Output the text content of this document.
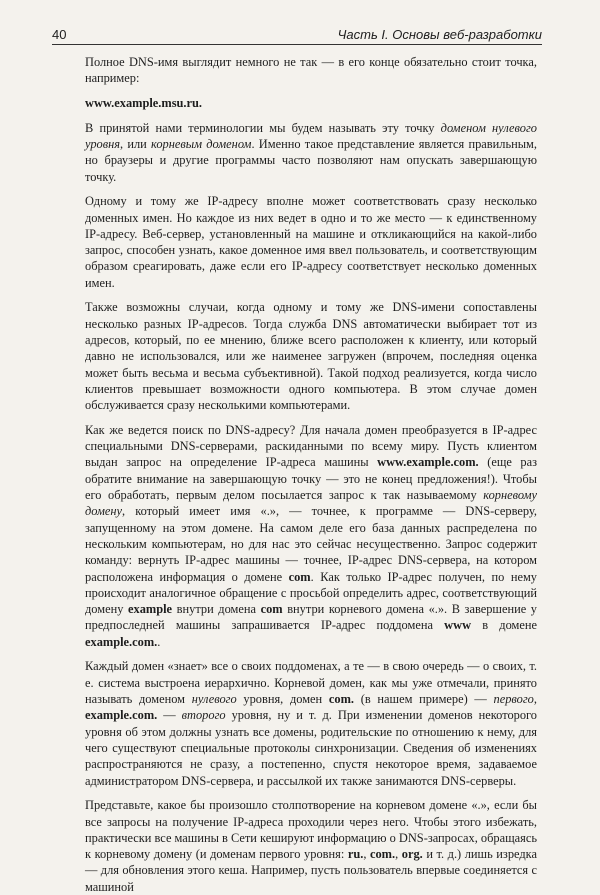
40	Часть I. Основы веб-разработки

Полное DNS-имя выглядит немного не так — в его конце обязательно стоит точка, например:

www.example.msu.ru.

В принятой нами терминологии мы будем называть эту точку доменом нулевого уровня, или корневым доменом. Именно такое представление является правильным, но браузеры и другие программы часто позволяют нам опускать завершающую точку.

Одному и тому же IP-адресу вполне может соответствовать сразу несколько доменных имен. Но каждое из них ведет в одно и то же место — к единственному IP-адресу. Веб-сервер, установленный на машине и откликающийся на какой-либо запрос, способен узнать, какое доменное имя ввел пользователь, и соответствующим образом среагировать, даже если его IP-адресу соответствует несколько доменных имен.

Также возможны случаи, когда одному и тому же DNS-имени сопоставлены несколько разных IP-адресов. Тогда служба DNS автоматически выбирает тот из адресов, который, по ее мнению, ближе всего расположен к клиенту, или который давно не использовался, или же наименее загружен (впрочем, последняя оценка может быть весьма и весьма субъективной). Такой подход реализуется, когда число клиентов превышает возможности одного компьютера. В этом случае домен обслуживается сразу несколькими компьютерами.

Как же ведется поиск по DNS-адресу? Для начала домен преобразуется в IP-адрес специальными DNS-серверами, раскиданными по всему миру. Пусть клиентом выдан запрос на определение IP-адреса машины www.example.com. (еще раз обратите внимание на завершающую точку — это не конец предложения!). Чтобы его обработать, первым делом посылается запрос к так называемому корневому домену, который имеет имя «.», — точнее, к программе — DNS-серверу, запущенному на этом домене. На самом деле его база данных распределена по нескольким компьютерам, но для нас это сейчас несущественно. Запрос содержит команду: вернуть IP-адрес машины — точнее, IP-адрес DNS-сервера, на котором расположена информация о домене com. Как только IP-адрес получен, по нему происходит аналогичное обращение с просьбой определить адрес, соответствующий домену example внутри домена com внутри корневого домена «.». В завершение у предпоследней машины запрашивается IP-адрес поддомена www в домене example.com..

Каждый домен «знает» все о своих поддоменах, а те — в свою очередь — о своих, т. е. система выстроена иерархично. Корневой домен, как мы уже отмечали, принято называть доменом нулевого уровня, домен com. (в нашем примере) — первого, example.com. — второго уровня, ну и т. д. При изменении доменов некоторого уровня об этом должны узнать все домены, родительские по отношению к нему, для чего существуют специальные протоколы синхронизации. Сведения об изменениях распространяются не сразу, а постепенно, спустя некоторое время, задаваемое администратором DNS-сервера, и рассылкой их также занимаются DNS-серверы.

Представьте, какое бы произошло столпотворение на корневом домене «.», если бы все запросы на получение IP-адреса проходили через него. Чтобы этого избежать, практически все машины в Сети кешируют информацию о DNS-запросах, обращаясь к корневому домену (и доменам первого уровня: ru., com., org. и т. д.) лишь изредка — для обновления этого кеша. Например, пусть пользователь впервые соединяется с машиной
